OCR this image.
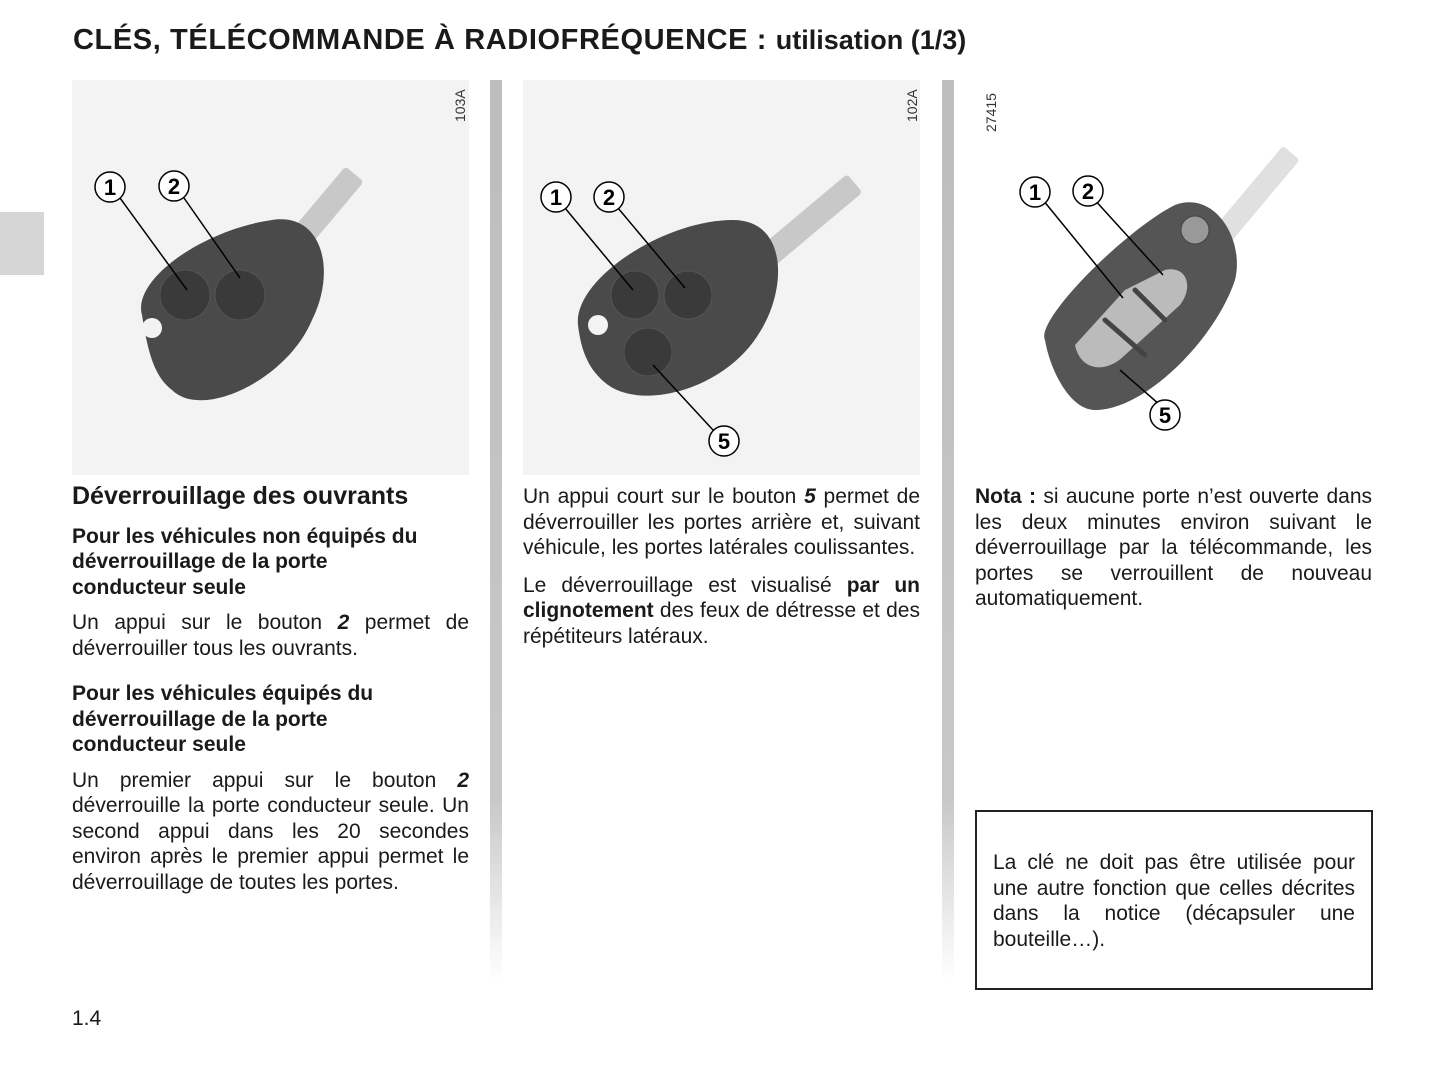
CLÉS, TÉLÉCOMMANDE À RADIOFRÉQUENCE : utilisation (1/3)
1 2
103A
1 2
5
102A
1 2
5
27415
Déverrouillage des ouvrants
Pour les véhicules non équipés du déverrouillage de la porte conducteur seule

Un appui sur le bouton 2 permet de déverrouiller tous les ouvrants.

Pour les véhicules équipés du déverrouillage de la porte conducteur seule

Un premier appui sur le bouton 2 déverrouille la porte conducteur seule. Un second appui dans les 20 secondes environ après le premier appui permet le déverrouillage de toutes les portes.

Un appui court sur le bouton 5 permet de déverrouiller les portes arrière et, suivant véhicule, les portes latérales coulissantes.

Le déverrouillage est visualisé par un clignotement des feux de détresse et des répétiteurs latéraux.

Nota : si aucune porte n’est ouverte dans les deux minutes environ suivant le déverrouillage par la télécommande, les portes se verrouillent de nouveau automatiquement.

La clé ne doit pas être utilisée pour une autre fonction que celles décrites dans la notice (décapsuler une bouteille…).
1.4
